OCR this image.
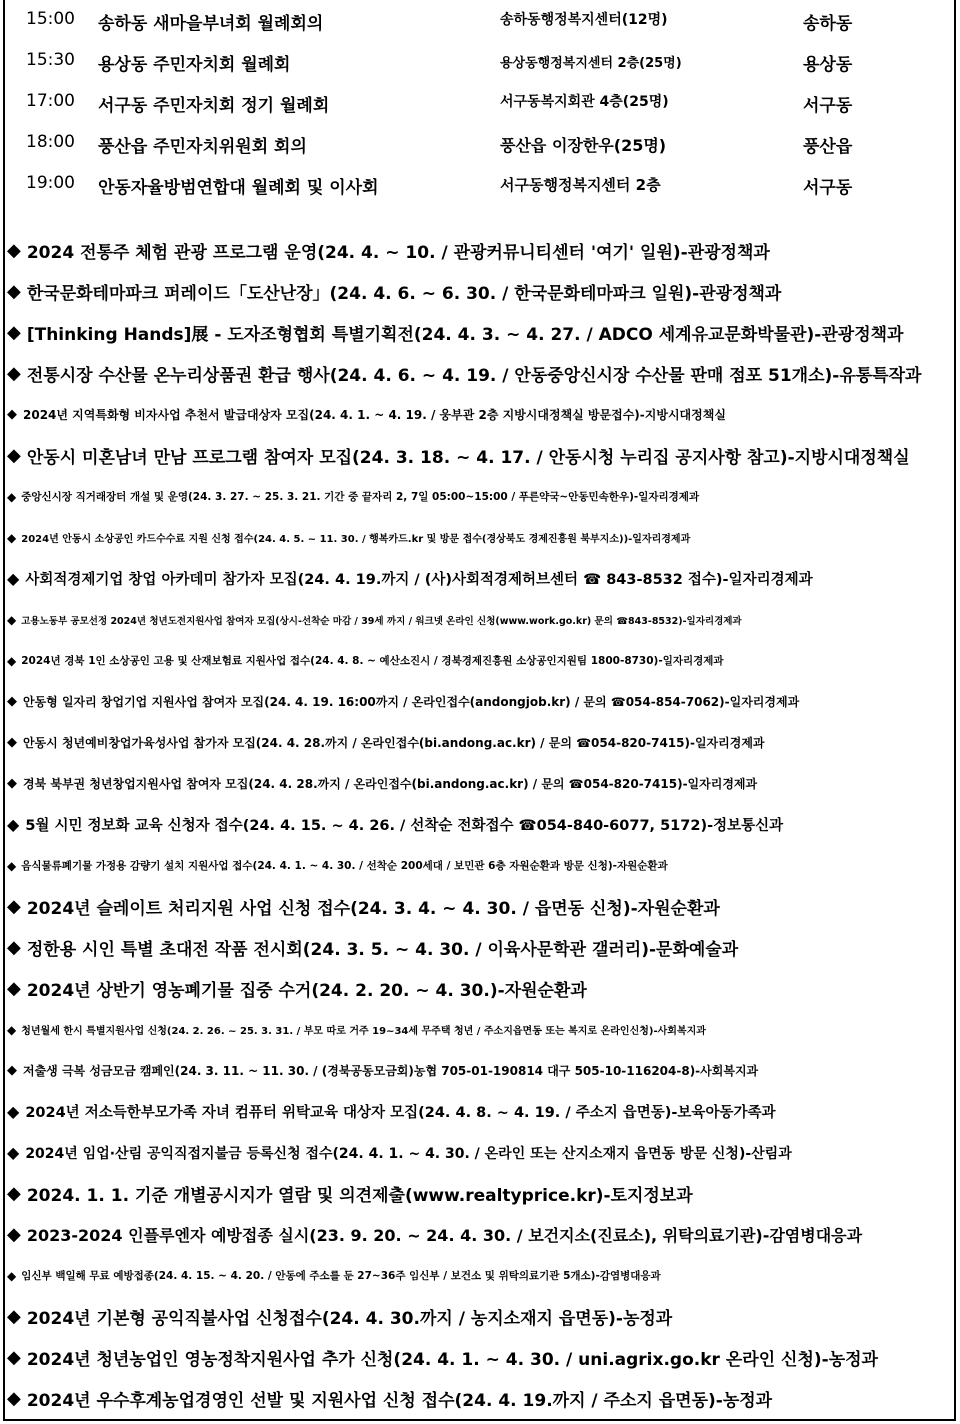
15:00 송하동 새마을부녀회 월례회의	송하동행정복지센터(12명)	송하동
15:30 용상동 주민자치회 월례회	용상동행정복지센터 2층(25명)	용상동
17:00 서구동 주민자치회 정기 월례회	서구동복지회관 4층(25명)	서구동
18:00 풍산읍 주민자치위원회 회의	풍산읍 이장한우(25명)	풍산읍
19:00 안동자율방범연합대 월례회 및 이사회	서구동행정복지센터 2층	서구동
◆ 2024 전통주 체험 관광 프로그램 운영(24. 4. ~ 10. / 관광커뮤니티센터 '여기' 일원)-관광정책과
◆ 한국문화테마파크 퍼레이드「도산난장」(24. 4. 6. ~ 6. 30. / 한국문화테마파크 일원)-관광정책과
◆ [Thinking Hands]展 - 도자조형협회 특별기획전(24. 4. 3. ~ 4. 27. / ADCO 세계유교문화박물관)-관광정책과
◆ 전통시장 수산물 온누리상품권 환급 행사(24. 4. 6. ~ 4. 19. / 안동중앙신시장 수산물 판매 점포 51개소)-유통특작과
◆ 2024년 지역특화형 비자사업 추천서 발급대상자 모집(24. 4. 1. ~ 4. 19. / 웅부관 2층 지방시대정책실 방문접수)-지방시대정책실
◆ 안동시 미혼남녀 만남 프로그램 참여자 모집(24. 3. 18. ~ 4. 17. / 안동시청 누리집 공지사항 참고)-지방시대정책실
◆ 중앙신시장 직거래장터 개설 및 운영(24. 3. 27. ~ 25. 3. 21. 기간 중 끝자리 2, 7일 05:00~15:00 / 푸른약국~안동민속한우)-일자리경제과
◆ 2024년 안동시 소상공인 카드수수료 지원 신청 접수(24. 4. 5. ~ 11. 30. / 행복카드.kr 및 방문 접수(경상북도 경제진흥원 북부지소))-일자리경제과
◆ 사회적경제기업 창업 아카데미 참가자 모집(24. 4. 19.까지 / (사)사회적경제허브센터 ☎ 843-8532 접수)-일자리경제과
◆ 고용노동부 공모선정 2024년 청년도전지원사업 참여자 모집(상시-선착순 마감 / 39세 까지 / 워크넷 온라인 신청(www.work.go.kr) 문의 ☎843-8532)-일자리경제과
◆ 2024년 경북 1인 소상공인 고용 및 산재보험료 지원사업 접수(24. 4. 8. ~ 예산소진시 / 경북경제진흥원 소상공인지원팀 1800-8730)-일자리경제과
◆ 안동형 일자리 창업기업 지원사업 참여자 모집(24. 4. 19. 16:00까지 / 온라인접수(andongjob.kr) / 문의 ☎054-854-7062)-일자리경제과
◆ 안동시 청년예비창업가육성사업 참가자 모집(24. 4. 28.까지 / 온라인접수(bi.andong.ac.kr) / 문의 ☎054-820-7415)-일자리경제과
◆ 경북 북부권 청년창업지원사업 참여자 모집(24. 4. 28.까지 / 온라인접수(bi.andong.ac.kr) / 문의 ☎054-820-7415)-일자리경제과
◆ 5월 시민 정보화 교육 신청자 접수(24. 4. 15. ~ 4. 26. / 선착순 전화접수 ☎054-840-6077, 5172)-정보통신과
◆ 음식물류폐기물 가정용 감량기 설치 지원사업 접수(24. 4. 1. ~ 4. 30. / 선착순 200세대 / 보민관 6층 자원순환과 방문 신청)-자원순환과
◆ 2024년 슬레이트 처리지원 사업 신청 접수(24. 3. 4. ~ 4. 30. / 읍면동 신청)-자원순환과
◆ 정한용 시인 특별 초대전 작품 전시회(24. 3. 5. ~ 4. 30. / 이육사문학관 갤러리)-문화예술과
◆ 2024년 상반기 영농폐기물 집중 수거(24. 2. 20. ~ 4. 30.)-자원순환과
◆ 청년월세 한시 특별지원사업 신청(24. 2. 26. ~ 25. 3. 31. / 부모 따로 거주 19~34세 무주택 청년 / 주소지읍면동 또는 복지로 온라인신청)-사회복지과
◆ 저출생 극복 성금모금 캠페인(24. 3. 11. ~ 11. 30. / (경북공동모금회)농협 705-01-190814 대구 505-10-116204-8)-사회복지과
◆ 2024년 저소득한부모가족 자녀 컴퓨터 위탁교육 대상자 모집(24. 4. 8. ~ 4. 19. / 주소지 읍면동)-보육아동가족과
◆ 2024년 임업·산림 공익직접지불금 등록신청 접수(24. 4. 1. ~ 4. 30. / 온라인 또는 산지소재지 읍면동 방문 신청)-산림과
◆ 2024. 1. 1. 기준 개별공시지가 열람 및 의견제출(www.realtyprice.kr)-토지정보과
◆ 2023-2024 인플루엔자 예방접종 실시(23. 9. 20. ~ 24. 4. 30. / 보건지소(진료소), 위탁의료기관)-감염병대응과
◆ 임신부 백일해 무료 예방접종(24. 4. 15. ~ 4. 20. / 안동에 주소를 둔 27~36주 임신부 / 보건소 및 위탁의료기관 5개소)-감염병대응과
◆ 2024년 기본형 공익직불사업 신청접수(24. 4. 30.까지 / 농지소재지 읍면동)-농정과
◆ 2024년 청년농업인 영농정착지원사업 추가 신청(24. 4. 1. ~ 4. 30. / uni.agrix.go.kr 온라인 신청)-농정과
◆ 2024년 우수후계농업경영인 선발 및 지원사업 신청 접수(24. 4. 19.까지 / 주소지 읍면동)-농정과
